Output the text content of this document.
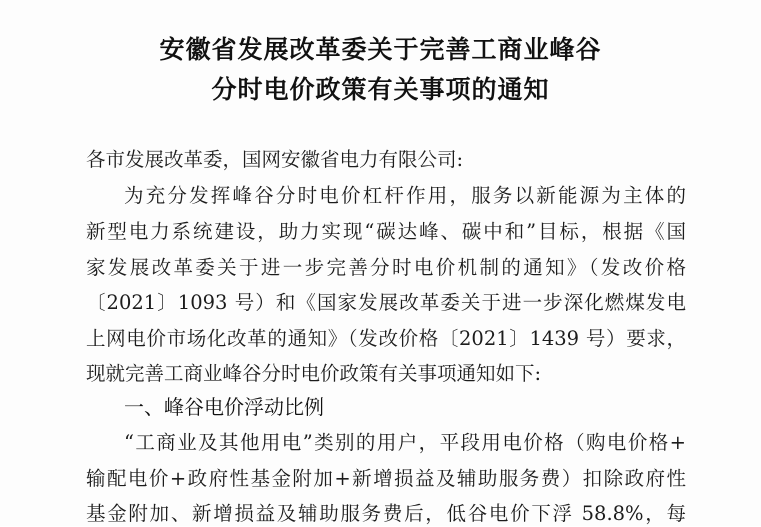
安徽省发展改革委关于完善工商业峰谷
分时电价政策有关事项的通知
各市发展改革委，国网安徽省电力有限公司:
为充分发挥峰谷分时电价杠杆作用，服务以新能源为主体的
新型电力系统建设，助力实现“碳达峰、碳中和”目标，根据《国
家发展改革委关于进一步完善分时电价机制的通知》（发改价格
〔2021〕1093 号）和《国家发展改革委关于进一步深化燃煤发电
上网电价市场化改革的通知》（发改价格〔2021〕1439 号）要求，
现就完善工商业峰谷分时电价政策有关事项通知如下:
一、峰谷电价浮动比例
“工商业及其他用电”类别的用户，平段用电价格（购电价格+
输配电价+政府性基金附加+新增损益及辅助服务费）扣除政府性
基金附加、新增损益及辅助服务费后，低谷电价下浮 58.8%，每
